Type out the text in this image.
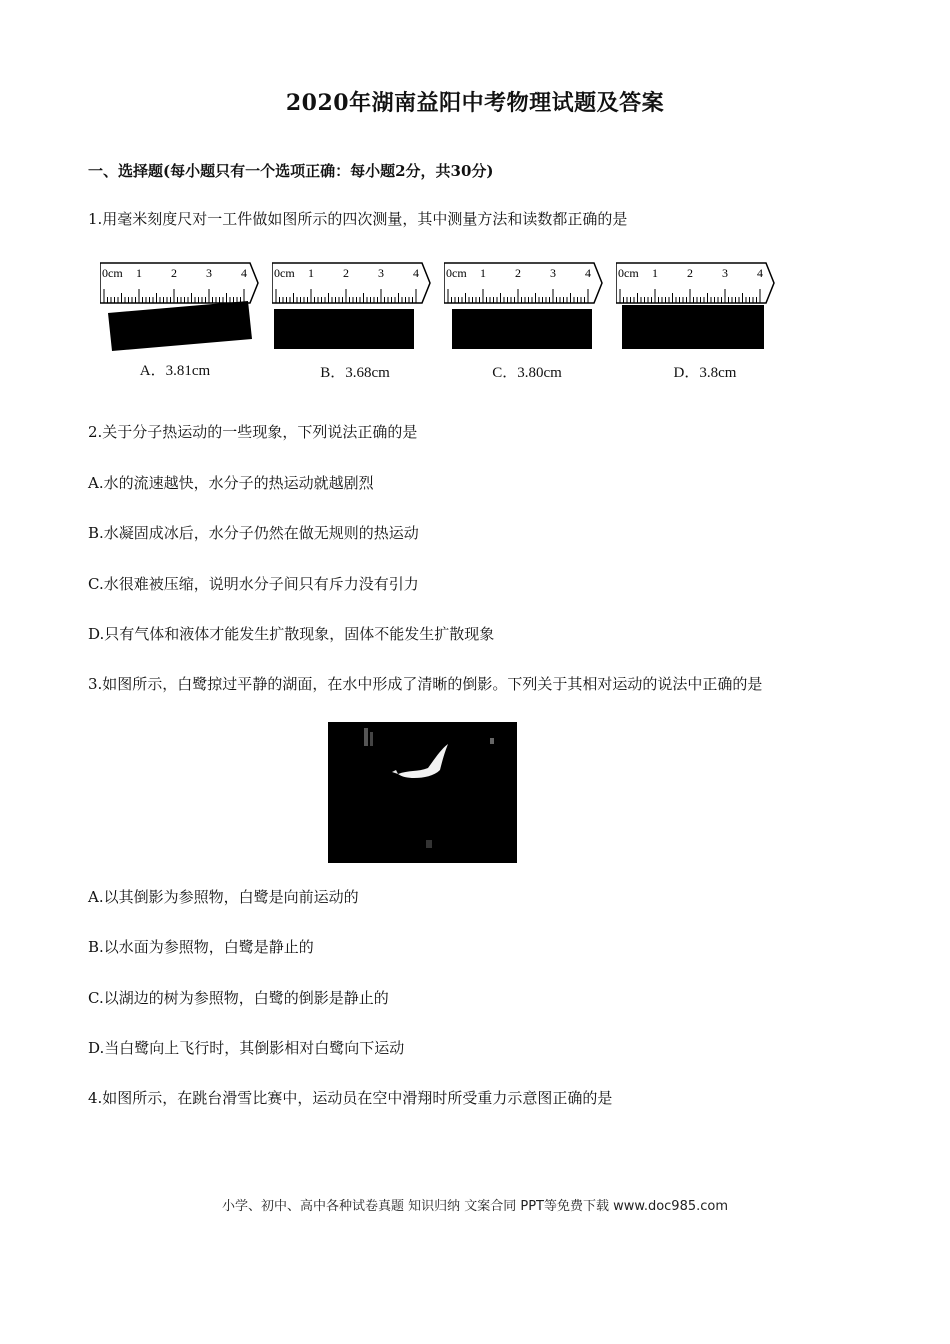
2020年湖南益阳中考物理试题及答案
一、选择题(每小题只有一个选项正确：每小题2分，共30分)
1.用毫米刻度尺对一工件做如图所示的四次测量，其中测量方法和读数都正确的是
0cm 1 2 3 4
A．3.81cm
0cm 1 2 3 4
B．3.68cm
0cm 1 2 3 4
C．3.80cm
0cm 1 2 3 4
D．3.8cm
2.关于分子热运动的一些现象，下列说法正确的是
A.水的流速越快，水分子的热运动就越剧烈
B.水凝固成冰后，水分子仍然在做无规则的热运动
C.水很难被压缩，说明水分子间只有斥力没有引力
D.只有气体和液体才能发生扩散现象，固体不能发生扩散现象
3.如图所示，白鹭掠过平静的湖面，在水中形成了清晰的倒影。下列关于其相对运动的说法中正确的是
A.以其倒影为参照物，白鹭是向前运动的
B.以水面为参照物，白鹭是静止的
C.以湖边的树为参照物，白鹭的倒影是静止的
D.当白鹭向上飞行时，其倒影相对白鹭向下运动
4.如图所示，在跳台滑雪比赛中，运动员在空中滑翔时所受重力示意图正确的是
小学、初中、高中各种试卷真题 知识归纳 文案合同 PPT等免费下载 www.doc985.com
